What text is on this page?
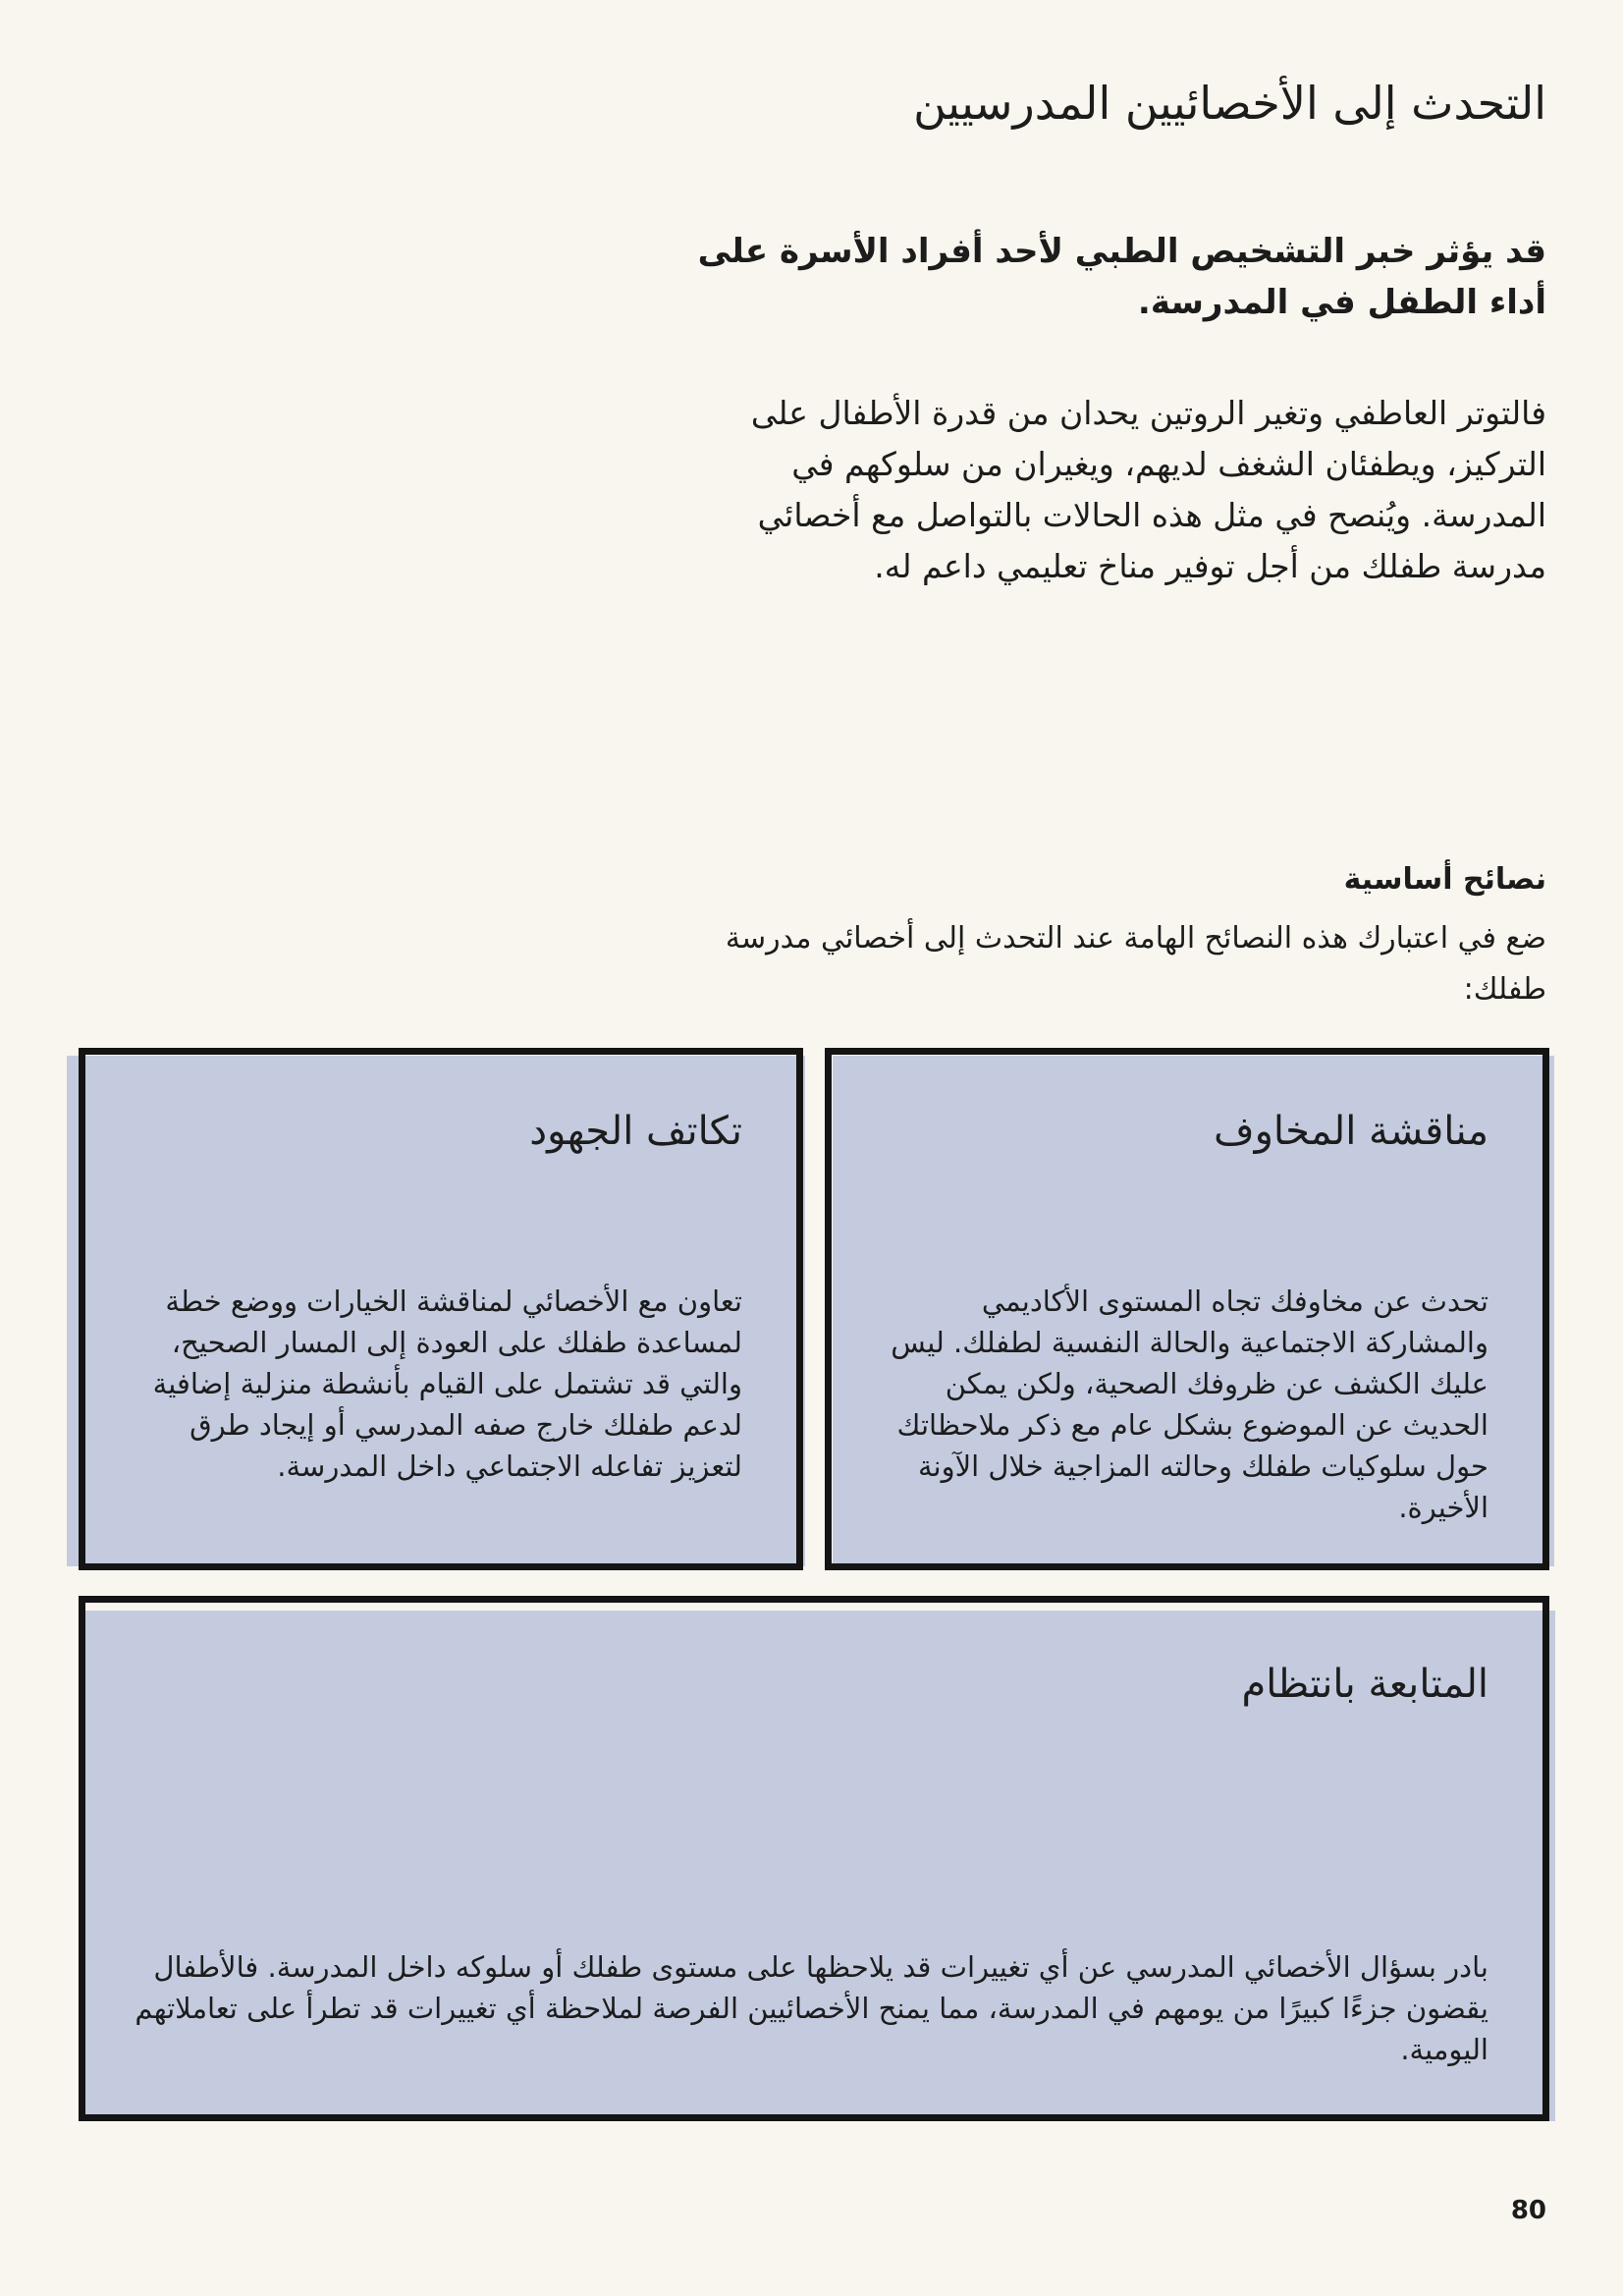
التحدث إلى الأخصائيين المدرسيين

قد يؤثر خبر التشخيص الطبي لأحد أفراد الأسرة على أداء الطفل في المدرسة.

فالتوتر العاطفي وتغير الروتين يحدان من قدرة الأطفال على التركيز، ويطفئان الشغف لديهم، ويغيران من سلوكهم في المدرسة. ويُنصح في مثل هذه الحالات بالتواصل مع أخصائي مدرسة طفلك من أجل توفير مناخ تعليمي داعم له.

نصائح أساسية

ضع في اعتبارك هذه النصائح الهامة عند التحدث إلى أخصائي مدرسة طفلك:

مناقشة المخاوف

تحدث عن مخاوفك تجاه المستوى الأكاديمي والمشاركة الاجتماعية والحالة النفسية لطفلك. ليس عليك الكشف عن ظروفك الصحية، ولكن يمكن الحديث عن الموضوع بشكل عام مع ذكر ملاحظاتك حول سلوكيات طفلك وحالته المزاجية خلال الآونة الأخيرة.

تكاتف الجهود

تعاون مع الأخصائي لمناقشة الخيارات ووضع خطة لمساعدة طفلك على العودة إلى المسار الصحيح، والتي قد تشتمل على القيام بأنشطة منزلية إضافية لدعم طفلك خارج صفه المدرسي أو إيجاد طرق لتعزيز تفاعله الاجتماعي داخل المدرسة.

المتابعة بانتظام

بادر بسؤال الأخصائي المدرسي عن أي تغييرات قد يلاحظها على مستوى طفلك أو سلوكه داخل المدرسة. فالأطفال يقضون جزءًا كبيرًا من يومهم في المدرسة، مما يمنح الأخصائيين الفرصة لملاحظة أي تغييرات قد تطرأ على تعاملاتهم اليومية.

80
